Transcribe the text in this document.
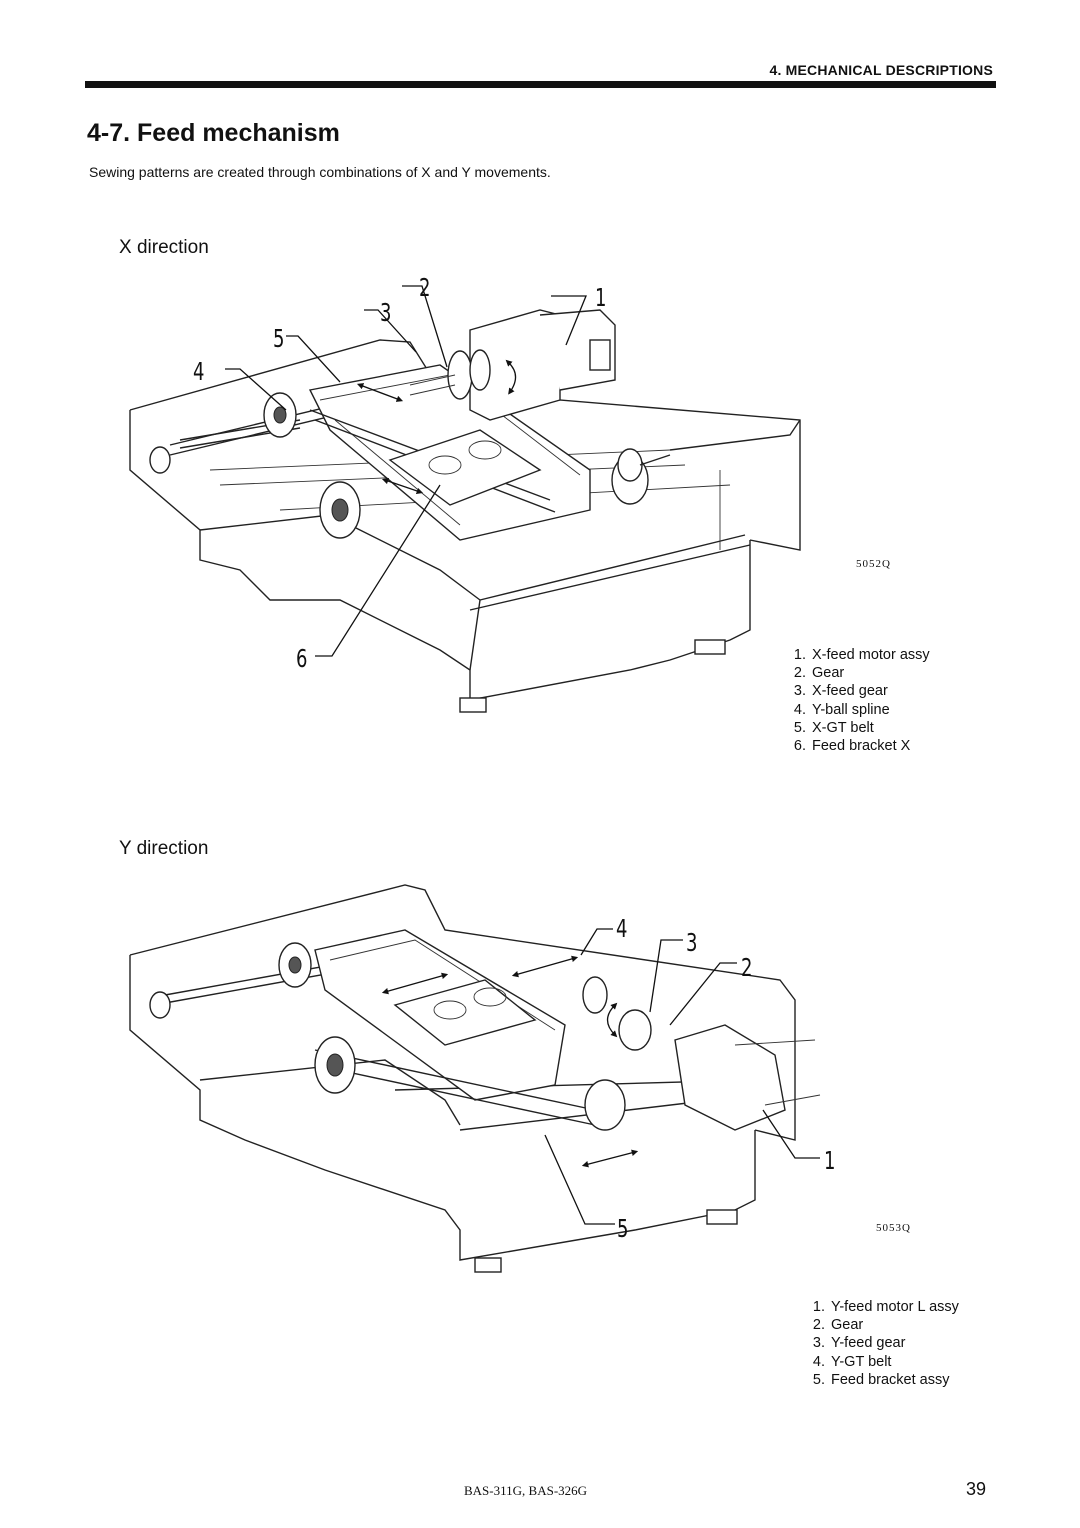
4. MECHANICAL DESCRIPTIONS
4-7. Feed mechanism
Sewing patterns are created through combinations of X and Y movements.
X direction
1
2
3
5
4
6
5052Q
1. X-feed motor assy
2. Gear
3. X-feed gear
4. Y-ball spline
5. X-GT belt
6. Feed bracket X
Y direction
4 3
2
1
5	5053Q
1. Y-feed motor L assy
2. Gear
3. Y-feed gear
4. Y-GT belt
5. Feed bracket assy
BAS-311G, BAS-326G	39
